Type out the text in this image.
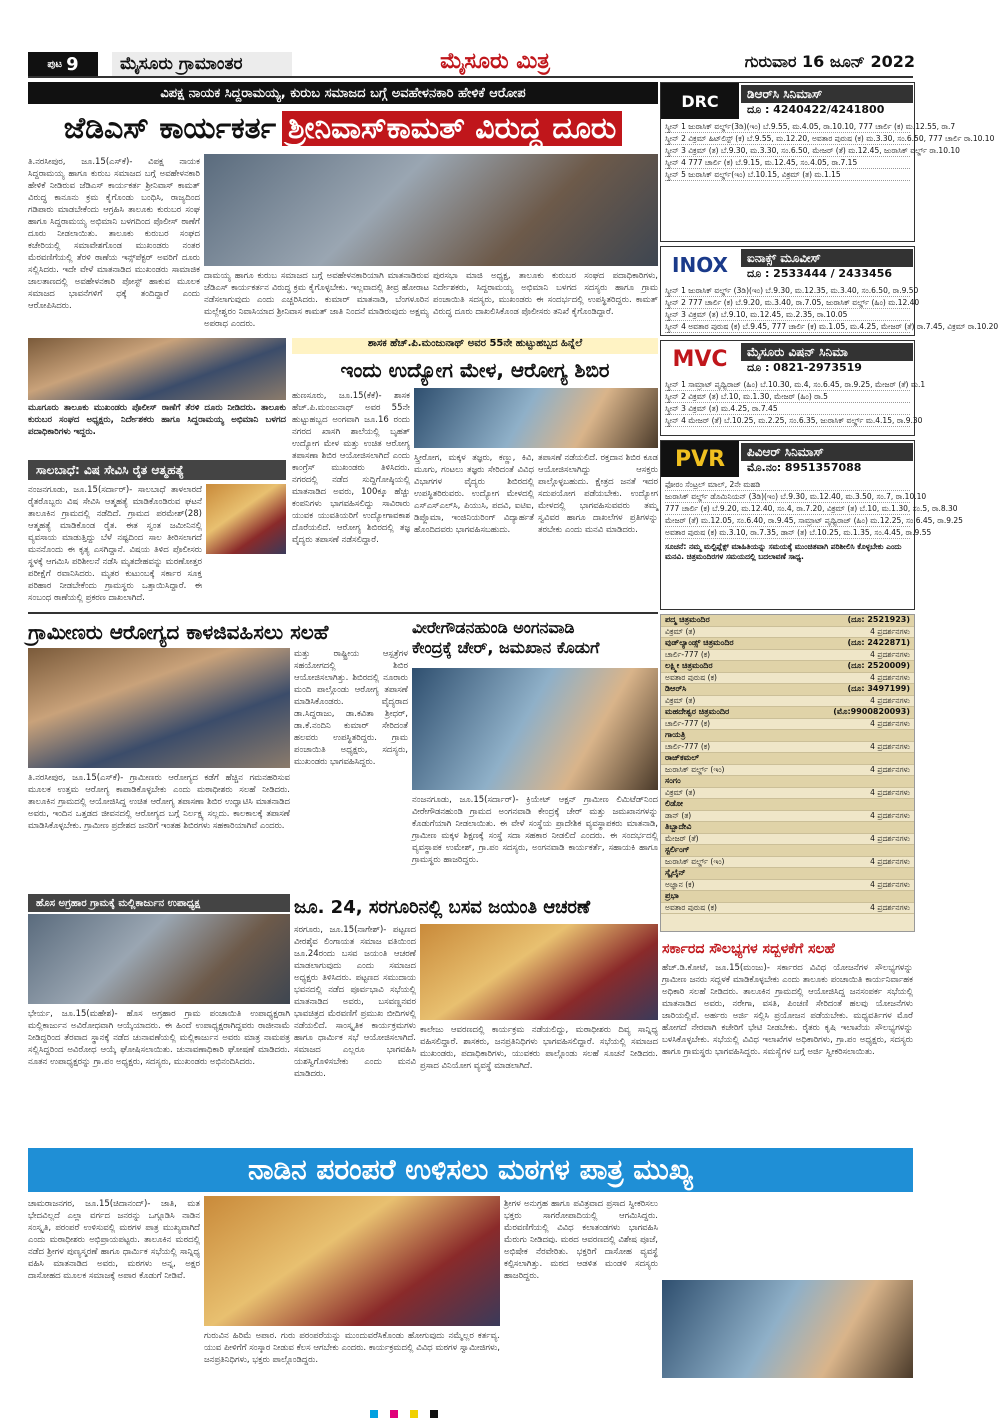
ಪುಟ 9	ಮೈಸೂರು ಗ್ರಾಮಾಂತರ	ಮೈಸೂರು ಮಿತ್ರ	ಗುರುವಾರ 16 ಜೂನ್ 2022
ವಿಪಕ್ಷ ನಾಯಕ ಸಿದ್ದರಾಮಯ್ಯ, ಕುರುಬ ಸಮಾಜದ ಬಗ್ಗೆ ಅವಹೇಳನಕಾರಿ ಹೇಳಿಕೆ ಆರೋಪ
ಜೆಡಿಎಸ್ ಕಾರ್ಯಕರ್ತ ಶ್ರೀನಿವಾಸ್‌ಕಾಮತ್ ವಿರುದ್ಧ ದೂರು
ತಿ.ನರಸೀಪುರ, ಜೂ.15(ಎಸ್‌ಕೆ)- ವಿಪಕ್ಷ ನಾಯಕ ಸಿದ್ದರಾಮಯ್ಯ ಹಾಗೂ ಕುರುಬ ಸಮಾಜದ ಬಗ್ಗೆ ಅವಹೇಳನಕಾರಿ ಹೇಳಿಕೆ ನೀಡಿರುವ ಜೆಡಿಎಸ್ ಕಾರ್ಯಕರ್ತ ಶ್ರೀನಿವಾಸ್ ಕಾಮತ್ ವಿರುದ್ಧ ಕಾನೂನು ಕ್ರಮ ಕೈಗೊಂಡು ಬಂಧಿಸಿ, ರಾಜ್ಯದಿಂದ ಗಡಿಪಾರು ಮಾಡಬೇಕೆಂದು ಆಗ್ರಹಿಸಿ ತಾಲೂಕು ಕುರುಬರ ಸಂಘ ಹಾಗೂ ಸಿದ್ದರಾಮಯ್ಯ ಅಭಿಮಾನಿ ಬಳಗದಿಂದ ಪೊಲೀಸ್ ಠಾಣೆಗೆ ದೂರು ನೀಡಲಾಯಿತು. ತಾಲೂಕು ಕುರುಬರ ಸಂಘದ ಕಚೇರಿಯಲ್ಲಿ ಸಮಾವೇಶಗೊಂಡ ಮುಖಂಡರು ನಂತರ ಮೆರವಣಿಗೆಯಲ್ಲಿ ತೆರಳಿ ಠಾಣೆಯ ಇನ್ಸ್‌ಪೆಕ್ಟರ್ ಅವರಿಗೆ ದೂರು ಸಲ್ಲಿಸಿದರು. ಇದೇ ವೇಳೆ ಮಾತನಾಡಿದ ಮುಖಂಡರು ಸಾಮಾಜಿಕ ಜಾಲತಾಣದಲ್ಲಿ ಅವಹೇಳನಕಾರಿ ಪೋಸ್ಟ್ ಹಾಕುವ ಮೂಲಕ ಸಮಾಜದ ಭಾವನೆಗಳಿಗೆ ಧಕ್ಕೆ ತಂದಿದ್ದಾರೆ ಎಂದು ಆರೋಪಿಸಿದರು.
ದಾಮಯ್ಯ ಹಾಗೂ ಕುರುಬ ಸಮಾಜದ ಬಗ್ಗೆ ಅವಹೇಳನಕಾರಿಯಾಗಿ ಮಾತನಾಡಿರುವ ಜೆಡಿಎಸ್ ಕಾರ್ಯಕರ್ತನ ವಿರುದ್ಧ ಕ್ರಮ ಕೈಗೊಳ್ಳಬೇಕು. ಇಲ್ಲವಾದಲ್ಲಿ ತೀವ್ರ ಹೋರಾಟ ನಡೆಸಲಾಗುವುದು ಎಂದು ಎಚ್ಚರಿಸಿದರು. ಕುಮಾರ್ ಮಾತನಾಡಿ, ಬೆಂಗಳೂರಿನ ಮಲ್ಲೇಶ್ವರಂ ನಿವಾಸಿಯಾದ ಶ್ರೀನಿವಾಸ ಕಾಮತ್ ಜಾತಿ ನಿಂದನೆ ಮಾಡಿರುವುದು ಅಕ್ಷಮ್ಯ ಅಪರಾಧ ಎಂದರು.
ಪುರಸಭಾ ಮಾಜಿ ಅಧ್ಯಕ್ಷ, ತಾಲೂಕು ಕುರುಬರ ಸಂಘದ ಪದಾಧಿಕಾರಿಗಳು, ನಿರ್ದೇಶಕರು, ಸಿದ್ದರಾಮಯ್ಯ ಅಭಿಮಾನಿ ಬಳಗದ ಸದಸ್ಯರು ಹಾಗೂ ಗ್ರಾಮ ಪಂಚಾಯಿತಿ ಸದಸ್ಯರು, ಮುಖಂಡರು ಈ ಸಂದರ್ಭದಲ್ಲಿ ಉಪಸ್ಥಿತರಿದ್ದರು. ಕಾಮತ್ ವಿರುದ್ಧ ದೂರು ದಾಖಲಿಸಿಕೊಂಡ ಪೊಲೀಸರು ತನಿಖೆ ಕೈಗೊಂಡಿದ್ದಾರೆ.
ಮೂಗೂರು ತಾಲೂಕು ಮುಖಂಡರು ಪೊಲೀಸ್ ಠಾಣೆಗೆ ತೆರಳಿ ದೂರು ನೀಡಿದರು. ತಾಲೂಕು ಕುರುಬರ ಸಂಘದ ಅಧ್ಯಕ್ಷರು, ನಿರ್ದೇಶಕರು ಹಾಗೂ ಸಿದ್ದರಾಮಯ್ಯ ಅಭಿಮಾನಿ ಬಳಗದ ಪದಾಧಿಕಾರಿಗಳು ಇದ್ದರು.
ಶಾಸಕ ಹೆಚ್.ಪಿ.ಮಂಜುನಾಥ್ ಅವರ 55ನೇ ಹುಟ್ಟುಹಬ್ಬದ ಹಿನ್ನೆಲೆ
ಇಂದು ಉದ್ಯೋಗ ಮೇಳ, ಆರೋಗ್ಯ ಶಿಬಿರ
ಹುಣಸೂರು, ಜೂ.15(ಕೆಕೆ)- ಶಾಸಕ ಹೆಚ್.ಪಿ.ಮಂಜುನಾಥ್ ಅವರ 55ನೇ ಹುಟ್ಟುಹಬ್ಬದ ಅಂಗವಾಗಿ ಜೂ.16 ರಂದು ನಗರದ ಖಾಸಗಿ ಶಾಲೆಯಲ್ಲಿ ಬೃಹತ್ ಉದ್ಯೋಗ ಮೇಳ ಮತ್ತು ಉಚಿತ ಆರೋಗ್ಯ ತಪಾಸಣಾ ಶಿಬಿರ ಆಯೋಜಿಸಲಾಗಿದೆ ಎಂದು ಕಾಂಗ್ರೆಸ್ ಮುಖಂಡರು ತಿಳಿಸಿದರು. ನಗರದಲ್ಲಿ ನಡೆದ ಸುದ್ದಿಗೋಷ್ಠಿಯಲ್ಲಿ ಮಾತನಾಡಿದ ಅವರು, 100ಕ್ಕೂ ಹೆಚ್ಚು ಕಂಪನಿಗಳು ಭಾಗವಹಿಸಲಿದ್ದು ಸಾವಿರಾರು ಯುವಕ ಯುವತಿಯರಿಗೆ ಉದ್ಯೋಗಾವಕಾಶ ದೊರೆಯಲಿದೆ. ಆರೋಗ್ಯ ಶಿಬಿರದಲ್ಲಿ ತಜ್ಞ ವೈದ್ಯರು ತಪಾಸಣೆ ನಡೆಸಲಿದ್ದಾರೆ.
ಸ್ತ್ರೀರೋಗ, ಮಕ್ಕಳ ತಜ್ಞರು, ಕಣ್ಣು, ಕಿವಿ, ಮೂಗು, ಗಂಟಲು ತಜ್ಞರು ಸೇರಿದಂತೆ ವಿವಿಧ ವಿಭಾಗಗಳ ವೈದ್ಯರು ಶಿಬಿರದಲ್ಲಿ ಉಪಸ್ಥಿತರಿರುವರು. ಉದ್ಯೋಗ ಮೇಳದಲ್ಲಿ ಎಸ್‌ಎಸ್‌ಎಲ್‌ಸಿ, ಪಿಯುಸಿ, ಪದವಿ, ಐಟಿಐ, ಡಿಪ್ಲೊಮಾ, ಇಂಜಿನಿಯರಿಂಗ್ ವಿದ್ಯಾರ್ಹತೆ ಹೊಂದಿದವರು ಭಾಗವಹಿಸಬಹುದು.
ತಪಾಸಣೆ ನಡೆಯಲಿದೆ. ರಕ್ತದಾನ ಶಿಬಿರ ಕೂಡ ಆಯೋಜಿಸಲಾಗಿದ್ದು ಆಸಕ್ತರು ಪಾಲ್ಗೊಳ್ಳಬಹುದು. ಕ್ಷೇತ್ರದ ಜನತೆ ಇದರ ಸದುಪಯೋಗ ಪಡೆಯಬೇಕು. ಉದ್ಯೋಗ ಮೇಳದಲ್ಲಿ ಭಾಗವಹಿಸುವವರು ತಮ್ಮ ಸ್ವವಿವರ ಹಾಗೂ ದಾಖಲೆಗಳ ಪ್ರತಿಗಳನ್ನು ತರಬೇಕು ಎಂದು ಮನವಿ ಮಾಡಿದರು.
ಸಾಲಬಾಧೆ: ವಿಷ ಸೇವಿಸಿ ರೈತ ಆತ್ಮಹತ್ಯೆ
ನಂಜನಗೂಡು, ಜೂ.15(ಸರ್ದಾರ್)- ಸಾಲಬಾಧೆ ತಾಳಲಾರದೆ ರೈತರೊಬ್ಬರು ವಿಷ ಸೇವಿಸಿ ಆತ್ಮಹತ್ಯೆ ಮಾಡಿಕೊಂಡಿರುವ ಘಟನೆ ತಾಲೂಕಿನ ಗ್ರಾಮದಲ್ಲಿ ನಡೆದಿದೆ. ಗ್ರಾಮದ ಪರಮೇಶ್(28) ಆತ್ಮಹತ್ಯೆ ಮಾಡಿಕೊಂಡ ರೈತ. ಈತ ಸ್ವಂತ ಜಮೀನಿನಲ್ಲಿ ವ್ಯವಸಾಯ ಮಾಡುತ್ತಿದ್ದು ಬೆಳೆ ನಷ್ಟದಿಂದ ಸಾಲ ತೀರಿಸಲಾಗದೆ ಮನನೊಂದು ಈ ಕೃತ್ಯ ಎಸಗಿದ್ದಾನೆ. ವಿಷಯ ತಿಳಿದ ಪೊಲೀಸರು ಸ್ಥಳಕ್ಕೆ ಆಗಮಿಸಿ ಪರಿಶೀಲನೆ ನಡೆಸಿ ಮೃತದೇಹವನ್ನು ಮರಣೋತ್ತರ ಪರೀಕ್ಷೆಗೆ ರವಾನಿಸಿದರು. ಮೃತರ ಕುಟುಂಬಕ್ಕೆ ಸರ್ಕಾರ ಸೂಕ್ತ ಪರಿಹಾರ ನೀಡಬೇಕೆಂದು ಗ್ರಾಮಸ್ಥರು ಒತ್ತಾಯಿಸಿದ್ದಾರೆ. ಈ ಸಂಬಂಧ ಠಾಣೆಯಲ್ಲಿ ಪ್ರಕರಣ ದಾಖಲಾಗಿದೆ.
ಗ್ರಾಮೀಣರು ಆರೋಗ್ಯದ ಕಾಳಜಿವಹಿಸಲು ಸಲಹೆ
ತಿ.ನರಸೀಪುರ, ಜೂ.15(ಎಸ್‌ಕೆ)- ಗ್ರಾಮೀಣರು ಆರೋಗ್ಯದ ಕಡೆಗೆ ಹೆಚ್ಚಿನ ಗಮನಹರಿಸುವ ಮೂಲಕ ಉತ್ತಮ ಆರೋಗ್ಯ ಕಾಪಾಡಿಕೊಳ್ಳಬೇಕು ಎಂದು ಮಠಾಧೀಶರು ಸಲಹೆ ನೀಡಿದರು. ತಾಲೂಕಿನ ಗ್ರಾಮದಲ್ಲಿ ಆಯೋಜಿಸಿದ್ದ ಉಚಿತ ಆರೋಗ್ಯ ತಪಾಸಣಾ ಶಿಬಿರ ಉದ್ಘಾಟಿಸಿ ಮಾತನಾಡಿದ ಅವರು, ಇಂದಿನ ಒತ್ತಡದ ಜೀವನದಲ್ಲಿ ಆರೋಗ್ಯದ ಬಗ್ಗೆ ನಿರ್ಲಕ್ಷ್ಯ ಸಲ್ಲದು. ಕಾಲಕಾಲಕ್ಕೆ ತಪಾಸಣೆ ಮಾಡಿಸಿಕೊಳ್ಳಬೇಕು. ಗ್ರಾಮೀಣ ಪ್ರದೇಶದ ಜನರಿಗೆ ಇಂತಹ ಶಿಬಿರಗಳು ಸಹಕಾರಿಯಾಗಿವೆ ಎಂದರು.
ಮತ್ತು ರಾಷ್ಟ್ರೀಯ ಆಸ್ಪತ್ರೆಗಳ ಸಹಯೋಗದಲ್ಲಿ ಶಿಬಿರ ಆಯೋಜಿಸಲಾಗಿತ್ತು. ಶಿಬಿರದಲ್ಲಿ ನೂರಾರು ಮಂದಿ ಪಾಲ್ಗೊಂಡು ಆರೋಗ್ಯ ತಪಾಸಣೆ ಮಾಡಿಸಿಕೊಂಡರು. ವೈದ್ಯರಾದ ಡಾ.ಸಿದ್ದರಾಜು, ಡಾ.ಕವಿತಾ ಶ್ರೀಧರ್, ಡಾ.ಕೆ.ನಂದಿನಿ ಕುಮಾರ್ ಸೇರಿದಂತೆ ಹಲವರು ಉಪಸ್ಥಿತರಿದ್ದರು. ಗ್ರಾಮ ಪಂಚಾಯಿತಿ ಅಧ್ಯಕ್ಷರು, ಸದಸ್ಯರು, ಮುಖಂಡರು ಭಾಗವಹಿಸಿದ್ದರು.
ವೀರೇಗೌಡನಹುಂಡಿ ಅಂಗನವಾಡಿ
ಕೇಂದ್ರಕ್ಕೆ ಚೇರ್, ಜಮಖಾನ ಕೊಡುಗೆ
ನಂಜನಗೂಡು, ಜೂ.15(ಸರ್ದಾರ್)- ಕ್ರಿಯೇಟ್ ಆಕ್ಷನ್ ಗ್ರಾಮೀಣ ಲಿಮಿಟೆಡ್‌ನಿಂದ ವೀರೇಗೌಡನಹುಂಡಿ ಗ್ರಾಮದ ಅಂಗನವಾಡಿ ಕೇಂದ್ರಕ್ಕೆ ಚೇರ್ ಮತ್ತು ಜಮಖಾನಗಳನ್ನು ಕೊಡುಗೆಯಾಗಿ ನೀಡಲಾಯಿತು. ಈ ವೇಳೆ ಸಂಸ್ಥೆಯ ಪ್ರಾದೇಶಿಕ ವ್ಯವಸ್ಥಾಪಕರು ಮಾತನಾಡಿ, ಗ್ರಾಮೀಣ ಮಕ್ಕಳ ಶಿಕ್ಷಣಕ್ಕೆ ಸಂಸ್ಥೆ ಸದಾ ಸಹಕಾರ ನೀಡಲಿದೆ ಎಂದರು. ಈ ಸಂದರ್ಭದಲ್ಲಿ ವ್ಯವಸ್ಥಾಪಕ ಉಮೇಶ್, ಗ್ರಾ.ಪಂ ಸದಸ್ಯರು, ಅಂಗನವಾಡಿ ಕಾರ್ಯಕರ್ತೆ, ಸಹಾಯಕಿ ಹಾಗೂ ಗ್ರಾಮಸ್ಥರು ಹಾಜರಿದ್ದರು.
ಹೊಸ ಅಗ್ರಹಾರ ಗ್ರಾಮಕ್ಕೆ ಮಲ್ಲಿಕಾರ್ಜುನ ಉಪಾಧ್ಯಕ್ಷ
ಭೇರ್ಯ, ಜೂ.15(ಮಹೇಶ)- ಹೊಸ ಅಗ್ರಹಾರ ಗ್ರಾಮ ಪಂಚಾಯಿತಿ ಉಪಾಧ್ಯಕ್ಷರಾಗಿ ಮಲ್ಲಿಕಾರ್ಜುನ ಅವಿರೋಧವಾಗಿ ಆಯ್ಕೆಯಾದರು. ಈ ಹಿಂದೆ ಉಪಾಧ್ಯಕ್ಷರಾಗಿದ್ದವರು ರಾಜೀನಾಮೆ ನೀಡಿದ್ದರಿಂದ ತೆರವಾದ ಸ್ಥಾನಕ್ಕೆ ನಡೆದ ಚುನಾವಣೆಯಲ್ಲಿ ಮಲ್ಲಿಕಾರ್ಜುನ ಅವರು ಮಾತ್ರ ನಾಮಪತ್ರ ಸಲ್ಲಿಸಿದ್ದರಿಂದ ಅವಿರೋಧ ಆಯ್ಕೆ ಘೋಷಿಸಲಾಯಿತು. ಚುನಾವಣಾಧಿಕಾರಿ ಘೋಷಣೆ ಮಾಡಿದರು. ನೂತನ ಉಪಾಧ್ಯಕ್ಷರನ್ನು ಗ್ರಾ.ಪಂ ಅಧ್ಯಕ್ಷರು, ಸದಸ್ಯರು, ಮುಖಂಡರು ಅಭಿನಂದಿಸಿದರು.
ಜೂ. 24, ಸರಗೂರಿನಲ್ಲಿ ಬಸವ ಜಯಂತಿ ಆಚರಣೆ
ಸರಗೂರು, ಜೂ.15(ನಾಗೇಶ್)- ಪಟ್ಟಣದ ವೀರಶೈವ ಲಿಂಗಾಯತ ಸಮಾಜ ವತಿಯಿಂದ ಜೂ.24ರಂದು ಬಸವ ಜಯಂತಿ ಆಚರಣೆ ಮಾಡಲಾಗುವುದು ಎಂದು ಸಮಾಜದ ಅಧ್ಯಕ್ಷರು ತಿಳಿಸಿದರು. ಪಟ್ಟಣದ ಸಮುದಾಯ ಭವನದಲ್ಲಿ ನಡೆದ ಪೂರ್ವಭಾವಿ ಸಭೆಯಲ್ಲಿ ಮಾತನಾಡಿದ ಅವರು, ಬಸವಣ್ಣನವರ ಭಾವಚಿತ್ರದ ಮೆರವಣಿಗೆ ಪ್ರಮುಖ ಬೀದಿಗಳಲ್ಲಿ ನಡೆಯಲಿದೆ. ಸಾಂಸ್ಕೃತಿಕ ಕಾರ್ಯಕ್ರಮಗಳು ಹಾಗೂ ಧಾರ್ಮಿಕ ಸಭೆ ಆಯೋಜಿಸಲಾಗಿದೆ. ಸಮಾಜದ ಎಲ್ಲರೂ ಭಾಗವಹಿಸಿ ಯಶಸ್ವಿಗೊಳಿಸಬೇಕು ಎಂದು ಮನವಿ ಮಾಡಿದರು.
ಕಾಲೇಜು ಆವರಣದಲ್ಲಿ ಕಾರ್ಯಕ್ರಮ ನಡೆಯಲಿದ್ದು, ಮಠಾಧೀಶರು ದಿವ್ಯ ಸಾನ್ನಿಧ್ಯ ವಹಿಸಲಿದ್ದಾರೆ. ಶಾಸಕರು, ಜನಪ್ರತಿನಿಧಿಗಳು ಭಾಗವಹಿಸಲಿದ್ದಾರೆ. ಸಭೆಯಲ್ಲಿ ಸಮಾಜದ ಮುಖಂಡರು, ಪದಾಧಿಕಾರಿಗಳು, ಯುವಕರು ಪಾಲ್ಗೊಂಡು ಸಲಹೆ ಸೂಚನೆ ನೀಡಿದರು. ಪ್ರಸಾದ ವಿನಿಯೋಗ ವ್ಯವಸ್ಥೆ ಮಾಡಲಾಗಿದೆ.
ಸರ್ಕಾರದ ಸೌಲಭ್ಯಗಳ ಸದ್ಬಳಕೆಗೆ ಸಲಹೆ
ಹೆಚ್.ಡಿ.ಕೋಟೆ, ಜೂ.15(ಮಂಜು)- ಸರ್ಕಾರದ ವಿವಿಧ ಯೋಜನೆಗಳ ಸೌಲಭ್ಯಗಳನ್ನು ಗ್ರಾಮೀಣ ಜನರು ಸದ್ಬಳಕೆ ಮಾಡಿಕೊಳ್ಳಬೇಕು ಎಂದು ತಾಲೂಕು ಪಂಚಾಯಿತಿ ಕಾರ್ಯನಿರ್ವಾಹಕ ಅಧಿಕಾರಿ ಸಲಹೆ ನೀಡಿದರು. ತಾಲೂಕಿನ ಗ್ರಾಮದಲ್ಲಿ ಆಯೋಜಿಸಿದ್ದ ಜನಸಂಪರ್ಕ ಸಭೆಯಲ್ಲಿ ಮಾತನಾಡಿದ ಅವರು, ನರೇಗಾ, ವಸತಿ, ಪಿಂಚಣಿ ಸೇರಿದಂತೆ ಹಲವು ಯೋಜನೆಗಳು ಜಾರಿಯಲ್ಲಿವೆ. ಅರ್ಹರು ಅರ್ಜಿ ಸಲ್ಲಿಸಿ ಪ್ರಯೋಜನ ಪಡೆಯಬೇಕು. ಮಧ್ಯವರ್ತಿಗಳ ಮೊರೆ ಹೋಗದೆ ನೇರವಾಗಿ ಕಚೇರಿಗೆ ಭೇಟಿ ನೀಡಬೇಕು. ರೈತರು ಕೃಷಿ ಇಲಾಖೆಯ ಸೌಲಭ್ಯಗಳನ್ನು ಬಳಸಿಕೊಳ್ಳಬೇಕು. ಸಭೆಯಲ್ಲಿ ವಿವಿಧ ಇಲಾಖೆಗಳ ಅಧಿಕಾರಿಗಳು, ಗ್ರಾ.ಪಂ ಅಧ್ಯಕ್ಷರು, ಸದಸ್ಯರು ಹಾಗೂ ಗ್ರಾಮಸ್ಥರು ಭಾಗವಹಿಸಿದ್ದರು. ಸಮಸ್ಯೆಗಳ ಬಗ್ಗೆ ಅರ್ಜಿ ಸ್ವೀಕರಿಸಲಾಯಿತು.
ನಾಡಿನ ಪರಂಪರೆ ಉಳಿಸಲು ಮಠಗಳ ಪಾತ್ರ ಮುಖ್ಯ
ಚಾಮರಾಜನಗರ, ಜೂ.15(ಚಿದಾನಂದ್)- ಜಾತಿ, ಮತ ಭೇದವಿಲ್ಲದೆ ಎಲ್ಲಾ ವರ್ಗದ ಜನರನ್ನು ಒಗ್ಗೂಡಿಸಿ ನಾಡಿನ ಸಂಸ್ಕೃತಿ, ಪರಂಪರೆ ಉಳಿಸುವಲ್ಲಿ ಮಠಗಳ ಪಾತ್ರ ಮುಖ್ಯವಾಗಿದೆ ಎಂದು ಮಠಾಧೀಶರು ಅಭಿಪ್ರಾಯಪಟ್ಟರು. ತಾಲೂಕಿನ ಮಠದಲ್ಲಿ ನಡೆದ ಶ್ರೀಗಳ ಪುಣ್ಯಸ್ಮರಣೆ ಹಾಗೂ ಧಾರ್ಮಿಕ ಸಭೆಯಲ್ಲಿ ಸಾನ್ನಿಧ್ಯ ವಹಿಸಿ ಮಾತನಾಡಿದ ಅವರು, ಮಠಗಳು ಅನ್ನ, ಅಕ್ಷರ ದಾಸೋಹದ ಮೂಲಕ ಸಮಾಜಕ್ಕೆ ಅಪಾರ ಕೊಡುಗೆ ನೀಡಿವೆ.
ಗುರುವಿನ ಹಿರಿಮೆ ಅಪಾರ. ಗುರು ಪರಂಪರೆಯನ್ನು ಮುಂದುವರೆಸಿಕೊಂಡು ಹೋಗುವುದು ನಮ್ಮೆಲ್ಲರ ಕರ್ತವ್ಯ. ಯುವ ಪೀಳಿಗೆಗೆ ಸಂಸ್ಕಾರ ನೀಡುವ ಕೆಲಸ ಆಗಬೇಕು ಎಂದರು. ಕಾರ್ಯಕ್ರಮದಲ್ಲಿ ವಿವಿಧ ಮಠಗಳ ಸ್ವಾಮೀಜಿಗಳು, ಜನಪ್ರತಿನಿಧಿಗಳು, ಭಕ್ತರು ಪಾಲ್ಗೊಂಡಿದ್ದರು.
ಶ್ರೀಗಳ ಅನುಗ್ರಹ ಹಾಗೂ ಪವಿತ್ರವಾದ ಪ್ರಸಾದ ಸ್ವೀಕರಿಸಲು ಭಕ್ತರು ಸಾಗರೋಪಾದಿಯಲ್ಲಿ ಆಗಮಿಸಿದ್ದರು. ಮೆರವಣಿಗೆಯಲ್ಲಿ ವಿವಿಧ ಕಲಾತಂಡಗಳು ಭಾಗವಹಿಸಿ ಮೆರುಗು ನೀಡಿದವು. ಮಠದ ಆವರಣದಲ್ಲಿ ವಿಶೇಷ ಪೂಜೆ, ಅಭಿಷೇಕ ನೆರವೇರಿತು. ಭಕ್ತರಿಗೆ ದಾಸೋಹ ವ್ಯವಸ್ಥೆ ಕಲ್ಪಿಸಲಾಗಿತ್ತು. ಮಠದ ಆಡಳಿತ ಮಂಡಳಿ ಸದಸ್ಯರು ಹಾಜರಿದ್ದರು.
DRC	ಡಿಆರ್‌ಸಿ ಸಿನಿಮಾಸ್
ದೂ : 4240422/4241800
ಸ್ಕ್ರೀನ್ 1 ಜುರಾಸಿಕ್ ವರ್ಲ್ಡ್(3ಡಿ)(ಇಂ) ಬೆ.9.55, ಮ.4.05, ರಾ.10.10, 777 ಚಾರ್ಲಿ (ಕ) ಮ.12.55, ರಾ.7
ಸ್ಕ್ರೀನ್ 2 ವಿಕ್ರಮ್ ಹಿಟ್‌ಲಿಸ್ಟ್ (ಕ) ಬೆ.9.55, ಮ.12.20, ಅವತಾರ ಪುರುಷ (ಕ) ಮ.3.30, ಸಂ.6.50, 777 ಚಾರ್ಲಿ ರಾ.10.10
ಸ್ಕ್ರೀನ್ 3 ವಿಕ್ರಮ್ (ತ) ಬೆ.9.30, ಮ.3.30, ಸಂ.6.50, ಮೇಜರ್ (ತೆ) ಮ.12.45, ಜುರಾಸಿಕ್ ವರ್ಲ್ಡ್ ರಾ.10.10
ಸ್ಕ್ರೀನ್ 4 777 ಚಾರ್ಲಿ (ಕ) ಬೆ.9.15, ಮ.12.45, ಸಂ.4.05, ರಾ.7.15
ಸ್ಕ್ರೀನ್ 5 ಜುರಾಸಿಕ್ ವರ್ಲ್ಡ್(ಇಂ) ಬೆ.10.15, ವಿಕ್ರಮ್ (ತ) ಮ.1.15
INOX	ಐನಾಕ್ಸ್ ಮೂವೀಸ್
ದೂ : 2533444 / 2433456
ಸ್ಕ್ರೀನ್ 1 ಜುರಾಸಿಕ್ ವರ್ಲ್ಡ್ (3ಡಿ)(ಇಂ) ಬೆ.9.30, ಮ.12.35, ಮ.3.40, ಸಂ.6.50, ರಾ.9.50
ಸ್ಕ್ರೀನ್ 2 777 ಚಾರ್ಲಿ (ಕ) ಬೆ.9.20, ಮ.3.40, ರಾ.7.05, ಜುರಾಸಿಕ್ ವರ್ಲ್ಡ್ (ಹಿಂ) ಮ.12.40
ಸ್ಕ್ರೀನ್ 3 ವಿಕ್ರಮ್ (ತ) ಬೆ.9.10, ಮ.12.45, ಮ.2.35, ರಾ.10.05
ಸ್ಕ್ರೀನ್ 4 ಅವತಾರ ಪುರುಷ (ಕ) ಬೆ.9.45, 777 ಚಾರ್ಲಿ (ಕ) ಮ.1.05, ಮ.4.25, ಮೇಜರ್ (ತೆ) ರಾ.7.45, ವಿಕ್ರಮ್ ರಾ.10.20
MVC	ಮೈಸೂರು ವಿಷನ್ ಸಿನಿಮಾ
ದೂ : 0821-2973519
ಸ್ಕ್ರೀನ್ 1 ಸಾಮ್ರಾಟ್ ಪೃಥ್ವಿರಾಜ್ (ಹಿಂ) ಬೆ.10.30, ಮ.4, ಸಂ.6.45, ರಾ.9.25, ಮೇಜರ್ (ತೆ) ಮ.1
ಸ್ಕ್ರೀನ್ 2 ವಿಕ್ರಮ್ (ತ) ಬೆ.10, ಮ.1.30, ಮೇಜರ್ (ಹಿಂ) ರಾ.5
ಸ್ಕ್ರೀನ್ 3 ವಿಕ್ರಮ್ (ತ) ಮ.4.25, ರಾ.7.45
ಸ್ಕ್ರೀನ್ 4 ಮೇಜರ್ (ತೆ) ಬೆ.10.25, ಮ.2.25, ಸಂ.6.35, ಜುರಾಸಿಕ್ ವರ್ಲ್ಡ್ ಮ.4.15, ರಾ.9.30
PVR	ಪಿವಿಆರ್ ಸಿನಿಮಾಸ್
ಮೊ.ನಂ: 8951357088
ಫೋರಂ ಸೆಂಟ್ರಲ್ ಮಾಲ್, 2ನೇ ಮಹಡಿ
ಜುರಾಸಿಕ್ ವರ್ಲ್ಡ್ ಡೊಮಿನಿಯನ್ (3ಡಿ)(ಇಂ) ಬೆ.9.30, ಮ.12.40, ಮ.3.50, ಸಂ.7, ರಾ.10.10
777 ಚಾರ್ಲಿ (ಕ) ಬೆ.9.20, ಮ.12.40, ಸಂ.4, ರಾ.7.20, ವಿಕ್ರಮ್ (ತ) ಬೆ.10, ಮ.1.30, ಸಂ.5, ರಾ.8.30
ಮೇಜರ್ (ತೆ) ಮ.12.05, ಸಂ.6.40, ರಾ.9.45, ಸಾಮ್ರಾಟ್ ಪೃಥ್ವಿರಾಜ್ (ಹಿಂ) ಮ.12.25, ಸಂ.6.45, ರಾ.9.25
ಅವತಾರ ಪುರುಷ (ಕ) ಮ.3.10, ರಾ.7.35, ಡಾನ್ (ತ) ಬೆ.10.25, ಮ.1.35, ಸಂ.4.45, ರಾ.9.55
ಸೂಚನೆ: ನಮ್ಮ ಮಲ್ಟಿಪ್ಲೆಕ್ಸ್ ಮಾಹಿತಿಯನ್ನು ಸಮಯಕ್ಕೆ ಮುಂಚಿತವಾಗಿ ಪರಿಶೀಲಿಸಿ ಕೊಳ್ಳಬೇಕು ಎಂದು ಮನವಿ. ಚಿತ್ರಮಂದಿರಗಳ ಸಮಯದಲ್ಲಿ ಬದಲಾವಣೆ ಸಾಧ್ಯ.
ಪದ್ಮ ಚಿತ್ರಮಂದಿರ	(ದೂ: 2521923)
ವಿಕ್ರಮ್ (ತ)	4 ಪ್ರದರ್ಶನಗಳು
ವುಡ್‌ಲ್ಯಾಂಡ್ಸ್ ಚಿತ್ರಮಂದಿರ	(ದೂ: 2422871)
ಚಾರ್ಲಿ-777 (ಕ)	4 ಪ್ರದರ್ಶನಗಳು
ಲಕ್ಷ್ಮೀ ಚಿತ್ರಮಂದಿರ	(ದೂ: 2520009)
ಅವತಾರ ಪುರುಷ (ಕ)	4 ಪ್ರದರ್ಶನಗಳು
ಡಿಆರ್‌ಸಿ	(ದೂ: 3497199)
ವಿಕ್ರಮ್ (ತ)	4 ಪ್ರದರ್ಶನಗಳು
ಮಹದೇಶ್ವರ ಚಿತ್ರಮಂದಿರ	(ಮೊ:9900820093)
ಚಾರ್ಲಿ-777 (ಕ)	4 ಪ್ರದರ್ಶನಗಳು
ಗಾಯತ್ರಿ
ಚಾರ್ಲಿ-777 (ಕ)	4 ಪ್ರದರ್ಶನಗಳು
ರಾಜ್‌ಕಮಲ್
ಜುರಾಸಿಕ್ ವರ್ಲ್ಡ್ (ಇಂ)	4 ಪ್ರದರ್ಶನಗಳು
ಸಂಗಂ
ವಿಕ್ರಮ್ (ತ)	4 ಪ್ರದರ್ಶನಗಳು
ಲಿಡೋ
ಡಾನ್ (ತ)	4 ಪ್ರದರ್ಶನಗಳು
ತಿಬ್ಬಾದೇವಿ
ಮೇಜರ್ (ತೆ)	4 ಪ್ರದರ್ಶನಗಳು
ಸ್ಟರ್ಲಿಂಗ್
ಜುರಾಸಿಕ್ ವರ್ಲ್ಡ್ (ಇಂ)	4 ಪ್ರದರ್ಶನಗಳು
ಸ್ಕೈಲೈನ್
ಅಜ್ಞಾನ (ಕ)	4 ಪ್ರದರ್ಶನಗಳು
ಪ್ರಭಾ
ಅವತಾರ ಪುರುಷ (ಕ)	4 ಪ್ರದರ್ಶನಗಳು
